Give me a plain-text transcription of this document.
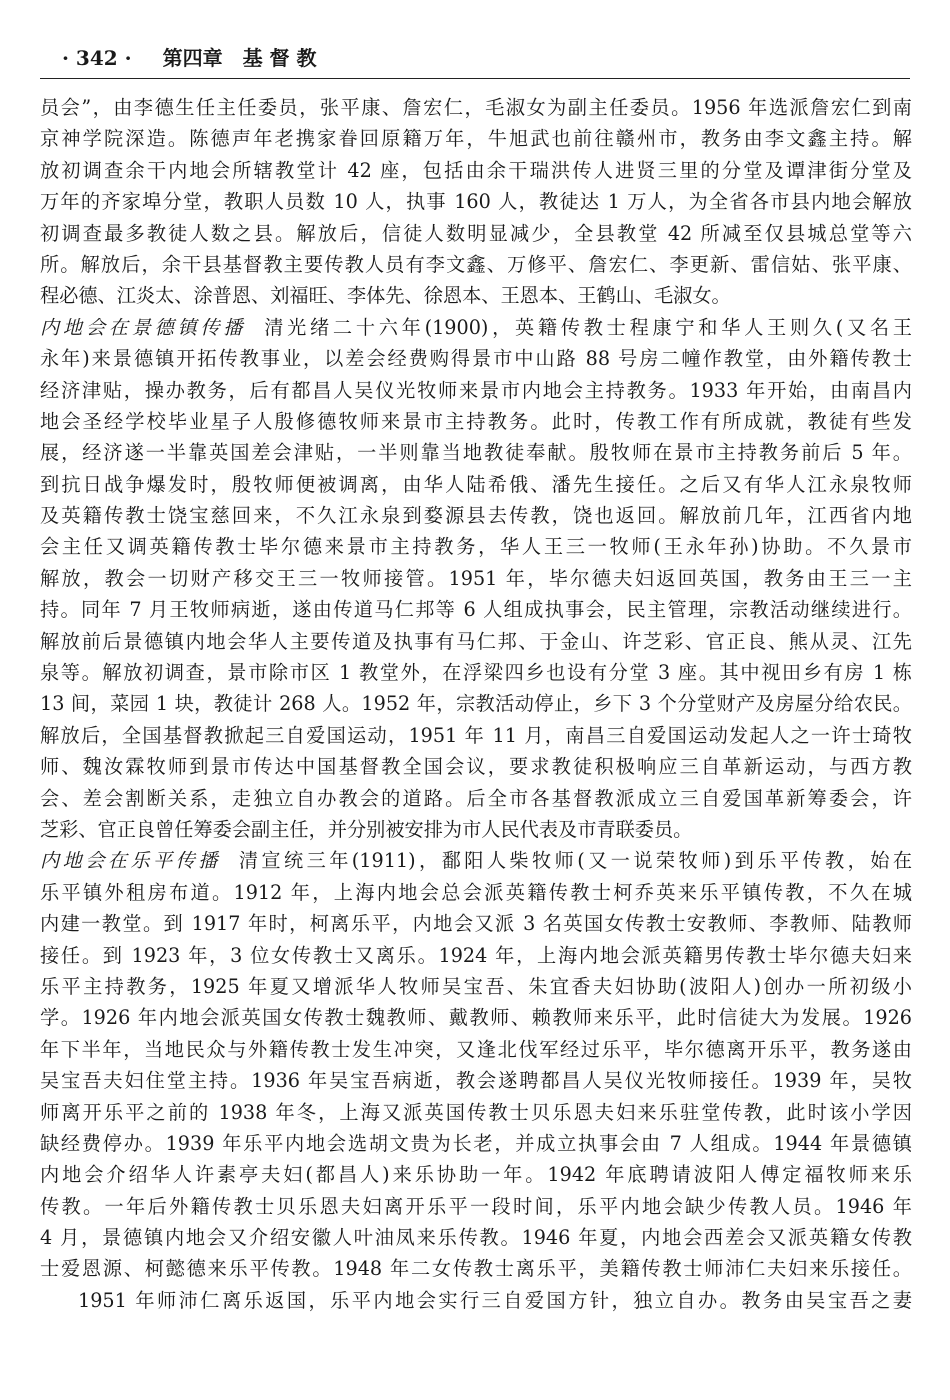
· 342 · 第四章　基 督 教
员会”，由李德生任主任委员，张平康、詹宏仁，毛淑女为副主任委员。1956 年选派詹宏仁到南
京神学院深造。陈德声年老携家眷回原籍万年，牛旭武也前往赣州市，教务由李文鑫主持。解
放初调查余干内地会所辖教堂计 42 座，包括由余干瑞洪传人进贤三里的分堂及谭津街分堂及
万年的齐家埠分堂，教职人员数 10 人，执事 160 人，教徒达 1 万人，为全省各市县内地会解放
初调查最多教徒人数之县。解放后，信徒人数明显减少，全县教堂 42 所减至仅县城总堂等六
所。解放后，余干县基督教主要传教人员有李文鑫、万修平、詹宏仁、李更新、雷信姑、张平康、
程必德、江炎太、涂普恩、刘福旺、李体先、徐恩本、王恩本、王鹤山、毛淑女。
内地会在景德镇传播 清光绪二十六年(1900)，英籍传教士程康宁和华人王则久(又名王
永年)来景德镇开拓传教事业，以差会经费购得景市中山路 88 号房二幢作教堂，由外籍传教士
经济津贴，操办教务，后有都昌人吴仪光牧师来景市内地会主持教务。1933 年开始，由南昌内
地会圣经学校毕业星子人殷修德牧师来景市主持教务。此时，传教工作有所成就，教徒有些发
展，经济遂一半靠英国差会津贴，一半则靠当地教徒奉献。殷牧师在景市主持教务前后 5 年。
到抗日战争爆发时，殷牧师便被调离，由华人陆希俄、潘先生接任。之后又有华人江永泉牧师
及英籍传教士饶宝慈回来，不久江永泉到婺源县去传教，饶也返回。解放前几年，江西省内地
会主任又调英籍传教士毕尔德来景市主持教务，华人王三一牧师(王永年孙)协助。不久景市
解放，教会一切财产移交王三一牧师接管。1951 年，毕尔德夫妇返回英国，教务由王三一主
持。同年 7 月王牧师病逝，遂由传道马仁邦等 6 人组成执事会，民主管理，宗教活动继续进行。
解放前后景德镇内地会华人主要传道及执事有马仁邦、于金山、许芝彩、官正良、熊从灵、江先
泉等。解放初调查，景市除市区 1 教堂外，在浮梁四乡也设有分堂 3 座。其中视田乡有房 1 栋
13 间，菜园 1 块，教徒计 268 人。1952 年，宗教活动停止，乡下 3 个分堂财产及房屋分给农民。
解放后，全国基督教掀起三自爱国运动，1951 年 11 月，南昌三自爱国运动发起人之一许士琦牧
师、魏汝霖牧师到景市传达中国基督教全国会议，要求教徒积极响应三自革新运动，与西方教
会、差会割断关系，走独立自办教会的道路。后全市各基督教派成立三自爱国革新筹委会，许
芝彩、官正良曾任筹委会副主任，并分别被安排为市人民代表及市青联委员。
内地会在乐平传播 清宣统三年(1911)，鄱阳人柴牧师(又一说荣牧师)到乐平传教，始在
乐平镇外租房布道。1912 年，上海内地会总会派英籍传教士柯乔英来乐平镇传教，不久在城
内建一教堂。到 1917 年时，柯离乐平，内地会又派 3 名英国女传教士安教师、李教师、陆教师
接任。到 1923 年，3 位女传教士又离乐。1924 年，上海内地会派英籍男传教士毕尔德夫妇来
乐平主持教务，1925 年夏又增派华人牧师吴宝吾、朱宜香夫妇协助(波阳人)创办一所初级小
学。1926 年内地会派英国女传教士魏教师、戴教师、赖教师来乐平，此时信徒大为发展。1926
年下半年，当地民众与外籍传教士发生冲突，又逢北伐军经过乐平，毕尔德离开乐平，教务遂由
吴宝吾夫妇住堂主持。1936 年吴宝吾病逝，教会遂聘都昌人吴仪光牧师接任。1939 年，吴牧
师离开乐平之前的 1938 年冬，上海又派英国传教士贝乐恩夫妇来乐驻堂传教，此时该小学因
缺经费停办。1939 年乐平内地会选胡文贵为长老，并成立执事会由 7 人组成。1944 年景德镇
内地会介绍华人许素亭夫妇(都昌人)来乐协助一年。1942 年底聘请波阳人傅定福牧师来乐
传教。一年后外籍传教士贝乐恩夫妇离开乐平一段时间，乐平内地会缺少传教人员。1946 年
4 月，景德镇内地会又介绍安徽人叶油凤来乐传教。1946 年夏，内地会西差会又派英籍女传教
士爱恩源、柯懿德来乐平传教。1948 年二女传教士离乐平，美籍传教士师沛仁夫妇来乐接任。
1951 年师沛仁离乐返国，乐平内地会实行三自爱国方针，独立自办。教务由吴宝吾之妻
